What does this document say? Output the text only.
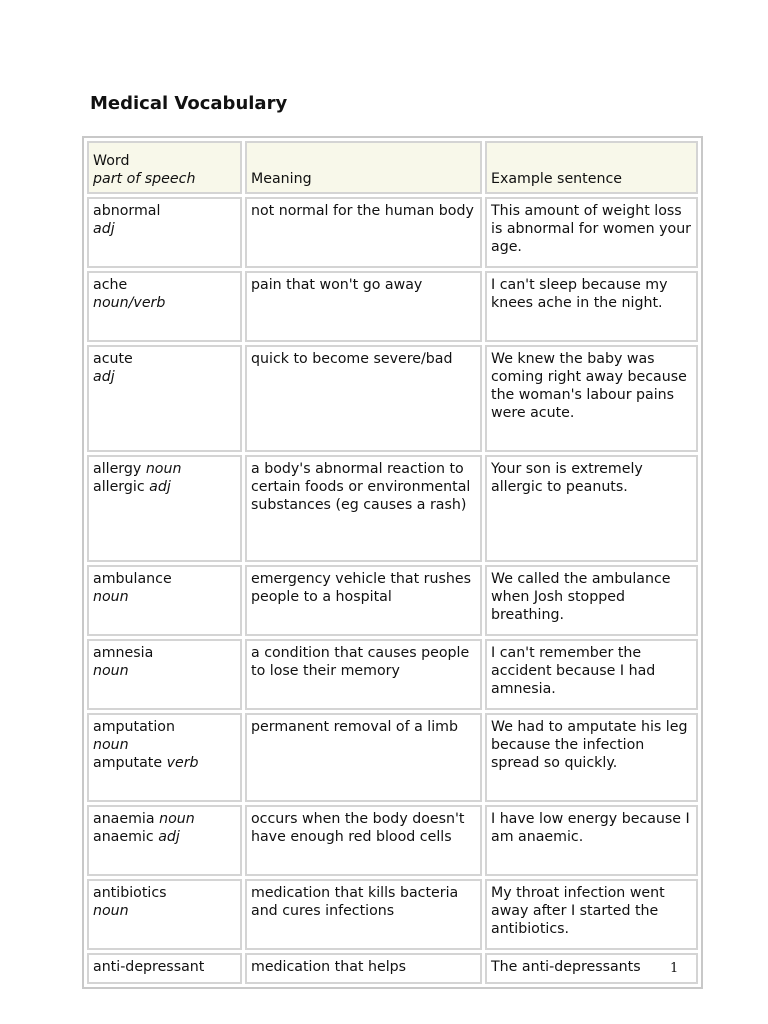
Medical Vocabulary
Word
part of speech	Meaning	Example sentence
abnormal
adj	not normal for the human body	This amount of weight loss is abnormal for women your age.
ache
noun/verb	pain that won't go away	I can't sleep because my knees ache in the night.
acute
adj	quick to become severe/bad	We knew the baby was coming right away because the woman's labour pains were acute.
allergy noun
allergic adj	a body's abnormal reaction to certain foods or environmental substances (eg causes a rash)	Your son is extremely allergic to peanuts.
ambulance
noun	emergency vehicle that rushes people to a hospital	We called the ambulance when Josh stopped breathing.
amnesia
noun	a condition that causes people to lose their memory	I can't remember the accident because I had amnesia.
amputation
noun
amputate verb	permanent removal of a limb	We had to amputate his leg because the infection spread so quickly.
anaemia noun
anaemic adj	occurs when the body doesn't have enough red blood cells	I have low energy because I am anaemic.
antibiotics
noun	medication that kills bacteria and cures infections	My throat infection went away after I started the antibiotics.
anti-depressant	medication that helps	The anti-depressants 1
